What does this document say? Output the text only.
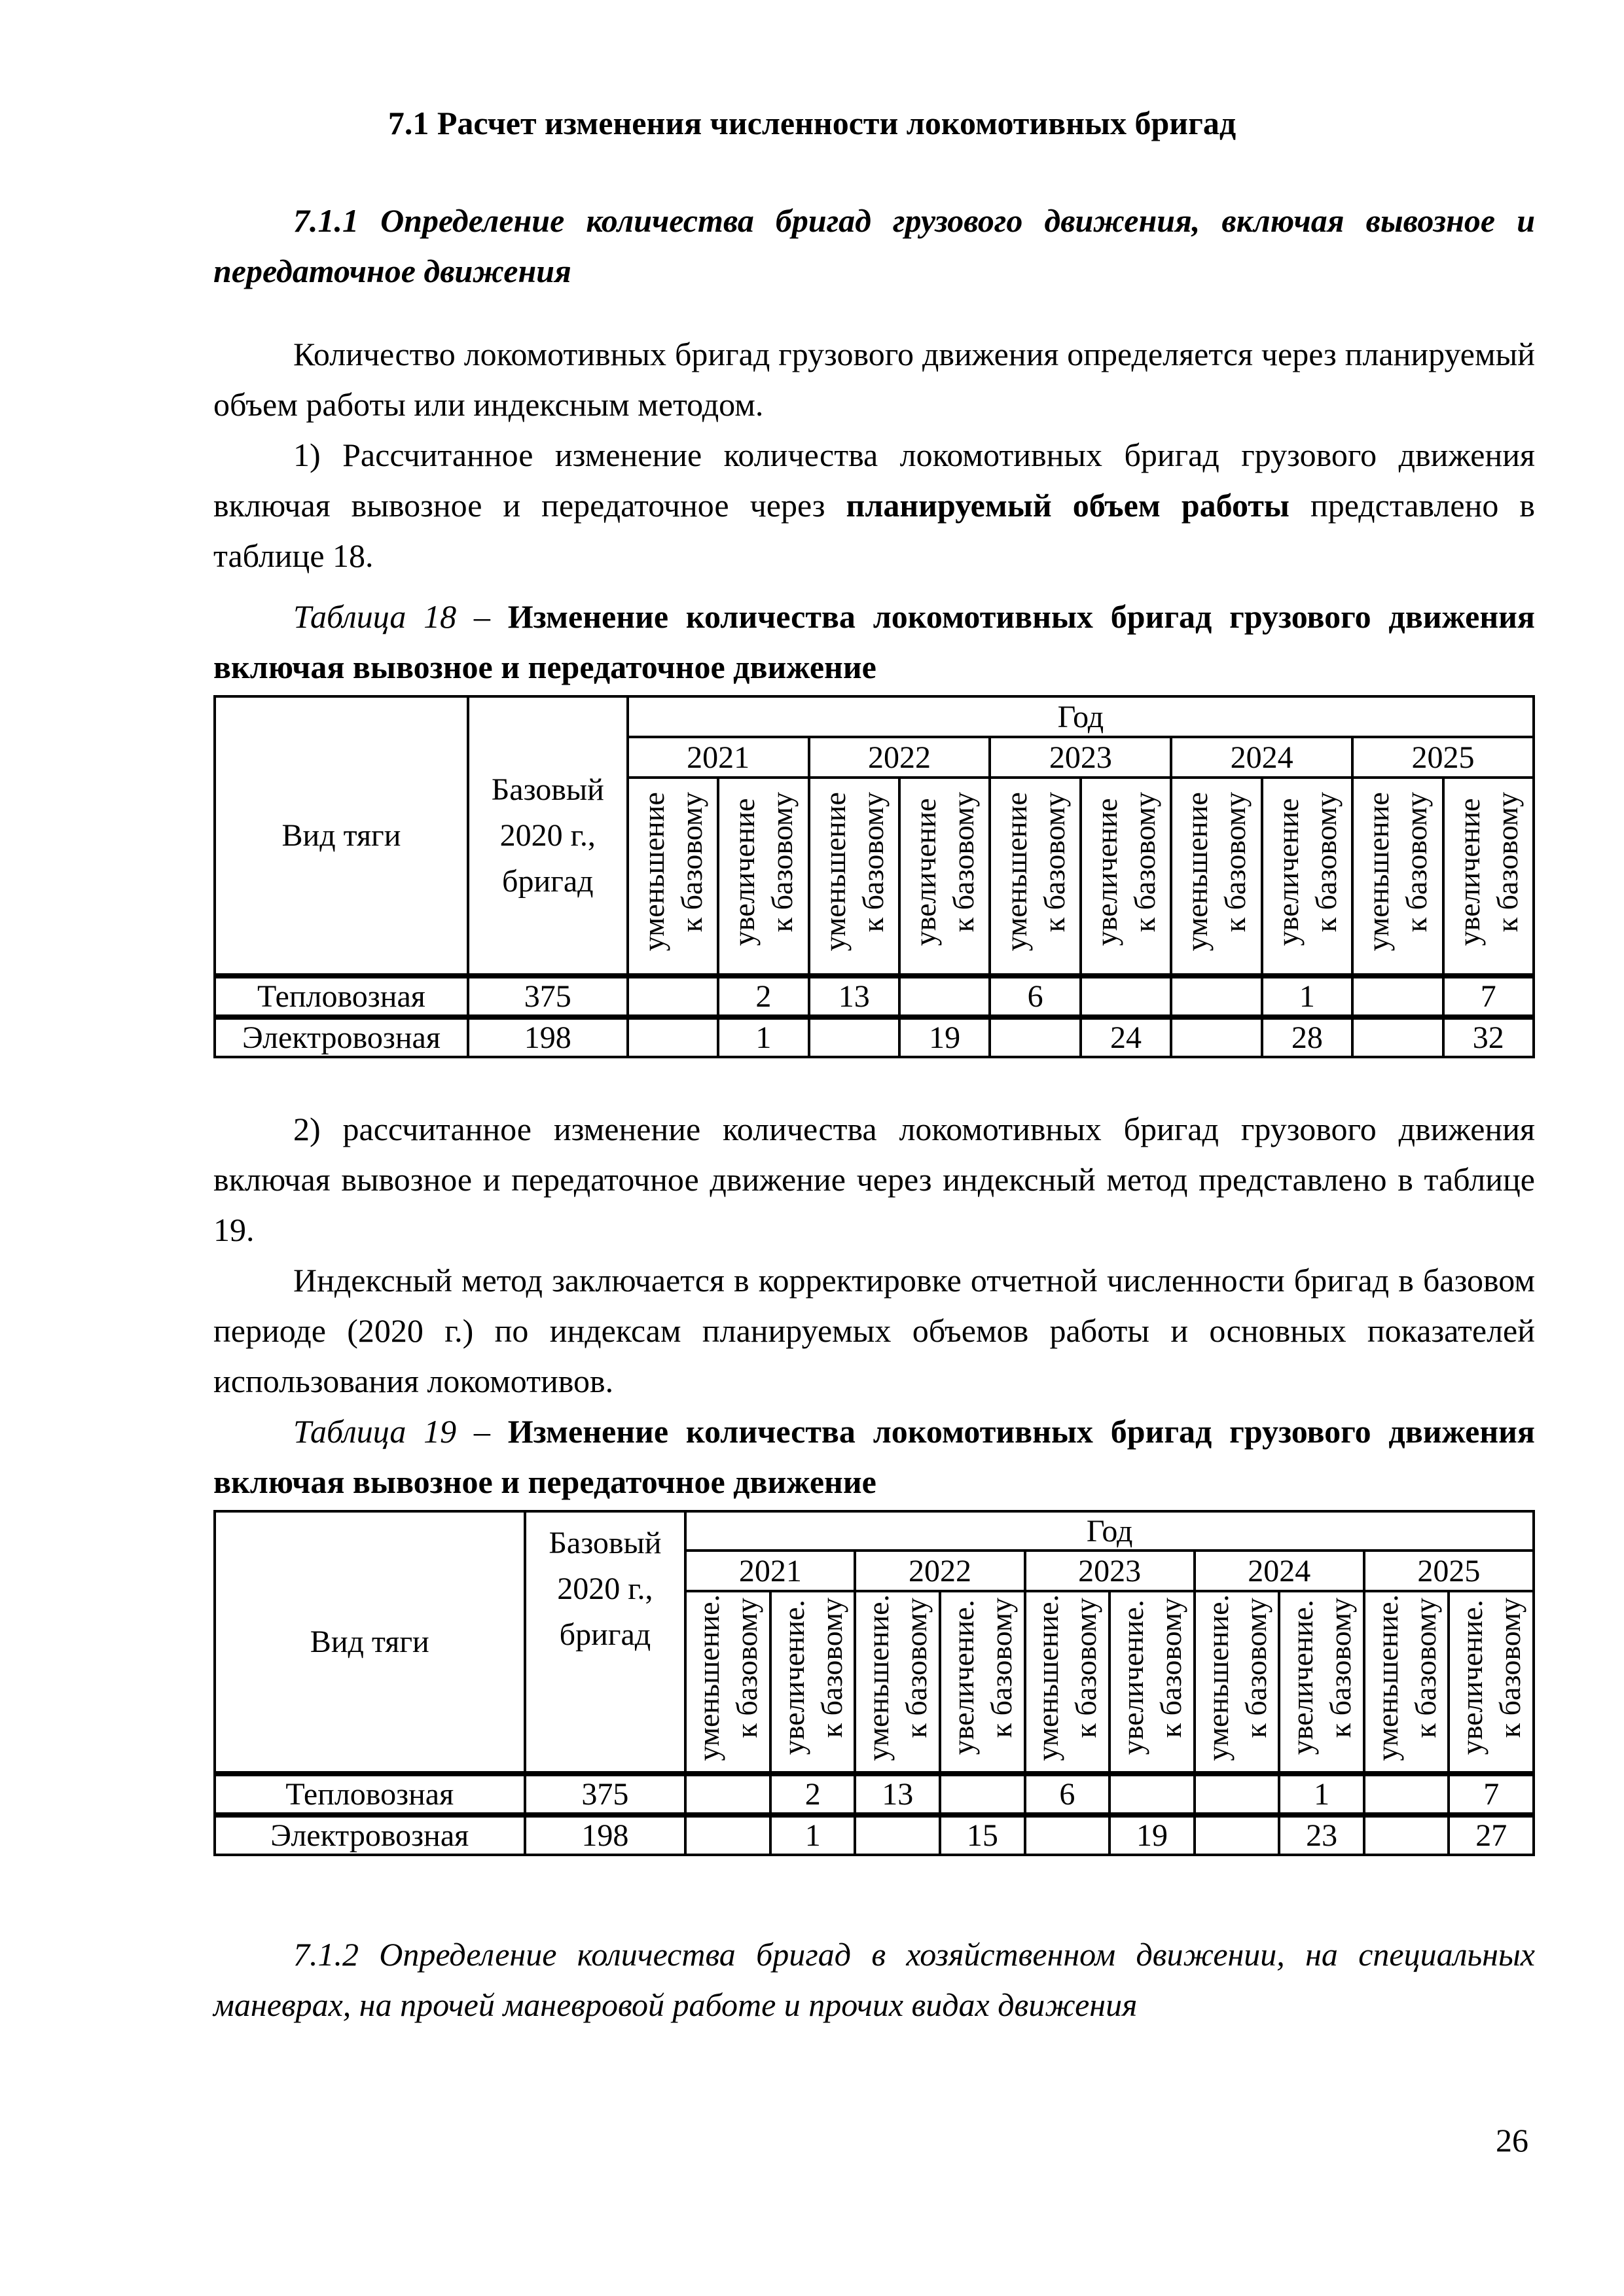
7.1 Расчет изменения численности локомотивных бригад

7.1.1 Определение количества бригад грузового движения, включая вывозное и передаточное движения

Количество локомотивных бригад грузового движения определяется через планируемый объем работы или индексным методом.

1) Рассчитанное изменение количества локомотивных бригад грузового движения включая вывозное и передаточное через планируемый объем работы представлено в таблице 18.

Таблица 18 – Изменение количества локомотивных бригад грузового движения включая вывозное и передаточное движение

Вид тяги	Базовый 2020 г., бригад	Год									
		2021		2022		2023		2024		2025	

уменьшение к базовому	увеличение к базовому	уменьшение к базовому	увеличение к базовому	уменьшение к базовому	увеличение к базовому	уменьшение к базовому	увеличение к базовому	уменьшение к базовому	увеличение к базовому

Тепловозная	375		2	13		6			1		7
Электровозная	198		1		19		24		28		32

2) рассчитанное изменение количества локомотивных бригад грузового движения включая вывозное и передаточное движение через индексный метод представлено в таблице 19.

Индексный метод заключается в корректировке отчетной численности бригад в базовом периоде (2020 г.) по индексам планируемых объемов работы и основных показателей использования локомотивов.

Таблица 19 – Изменение количества локомотивных бригад грузового движения включая вывозное и передаточное движение

Вид тяги	Базовый 2020 г., бригад	Год									
		2021		2022		2023		2024		2025	

уменьшение. к базовому	увеличение. к базовому	уменьшение. к базовому	увеличение. к базовому	уменьшение. к базовому	увеличение. к базовому	уменьшение. к базовому	увеличение. к базовому	уменьшение. к базовому	увеличение. к базовому

Тепловозная	375		2	13		6			1		7
Электровозная	198		1		15		19		23		27

7.1.2 Определение количества бригад в хозяйственном движении, на специальных маневрах, на прочей маневровой работе и прочих видах движения

26
